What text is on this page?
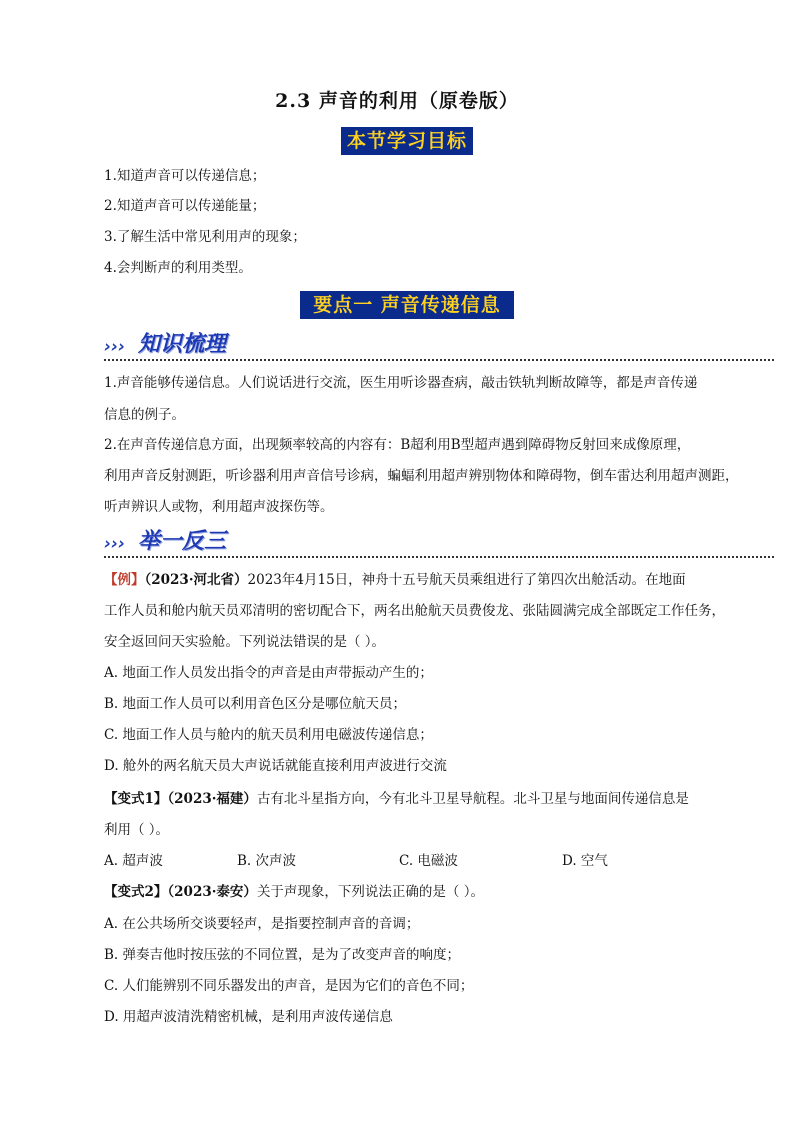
2.3 声音的利用（原卷版）
本节学习目标
1.知道声音可以传递信息；
2.知道声音可以传递能量；
3.了解生活中常见利用声的现象；
4.会判断声的利用类型。
要点一 声音传递信息
››› 知识梳理
1.声音能够传递信息。人们说话进行交流，医生用听诊器查病，敲击铁轨判断故障等，都是声音传递
信息的例子。
2.在声音传递信息方面，出现频率较高的内容有：B超利用B型超声遇到障碍物反射回来成像原理，
利用声音反射测距，听诊器利用声音信号诊病，蝙蝠利用超声辨别物体和障碍物，倒车雷达利用超声测距，
听声辨识人或物，利用超声波探伤等。
››› 举一反三
【例】（2023·河北省）2023年4月15日，神舟十五号航天员乘组进行了第四次出舱活动。在地面
工作人员和舱内航天员邓清明的密切配合下，两名出舱航天员费俊龙、张陆圆满完成全部既定工作任务，
安全返回问天实验舱。下列说法错误的是（ ）。
A. 地面工作人员发出指令的声音是由声带振动产生的；
B. 地面工作人员可以利用音色区分是哪位航天员；
C. 地面工作人员与舱内的航天员利用电磁波传递信息；
D. 舱外的两名航天员大声说话就能直接利用声波进行交流
【变式1】（2023·福建）古有北斗星指方向，今有北斗卫星导航程。北斗卫星与地面间传递信息是
利用（ ）。
A. 超声波	B. 次声波	C. 电磁波	D. 空气
【变式2】（2023·泰安）关于声现象，下列说法正确的是（ ）。
A. 在公共场所交谈要轻声，是指要控制声音的音调；
B. 弹奏吉他时按压弦的不同位置，是为了改变声音的响度；
C. 人们能辨别不同乐器发出的声音，是因为它们的音色不同；
D. 用超声波清洗精密机械，是利用声波传递信息
